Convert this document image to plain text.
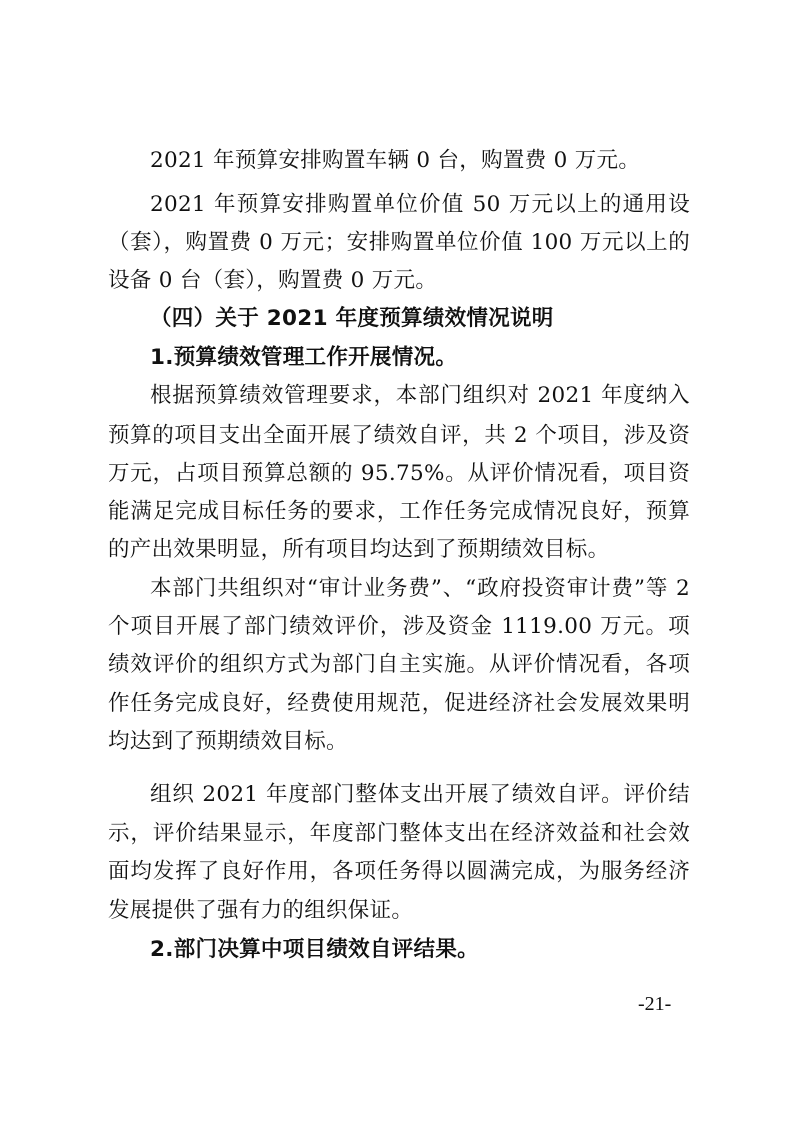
2021 年预算安排购置车辆 0 台，购置费 0 万元。
2021 年预算安排购置单位价值 50 万元以上的通用设
（套），购置费 0 万元；安排购置单位价值 100 万元以上的
设备 0 台（套），购置费 0 万元。
（四）关于 2021 年度预算绩效情况说明
1.预算绩效管理工作开展情况。
根据预算绩效管理要求，本部门组织对 2021 年度纳入
预算的项目支出全面开展了绩效自评，共 2 个项目，涉及资
万元，占项目预算总额的 95.75%。从评价情况看，项目资
能满足完成目标任务的要求，工作任务完成情况良好，预算
的产出效果明显，所有项目均达到了预期绩效目标。
本部门共组织对“审计业务费”、“政府投资审计费”等 2
个项目开展了部门绩效评价，涉及资金 1119.00 万元。项
绩效评价的组织方式为部门自主实施。从评价情况看，各项
作任务完成良好，经费使用规范，促进经济社会发展效果明
均达到了预期绩效目标。
组织 2021 年度部门整体支出开展了绩效自评。评价结
示，评价结果显示，年度部门整体支出在经济效益和社会效
面均发挥了良好作用，各项任务得以圆满完成，为服务经济
发展提供了强有力的组织保证。
2.部门决算中项目绩效自评结果。
-21-
